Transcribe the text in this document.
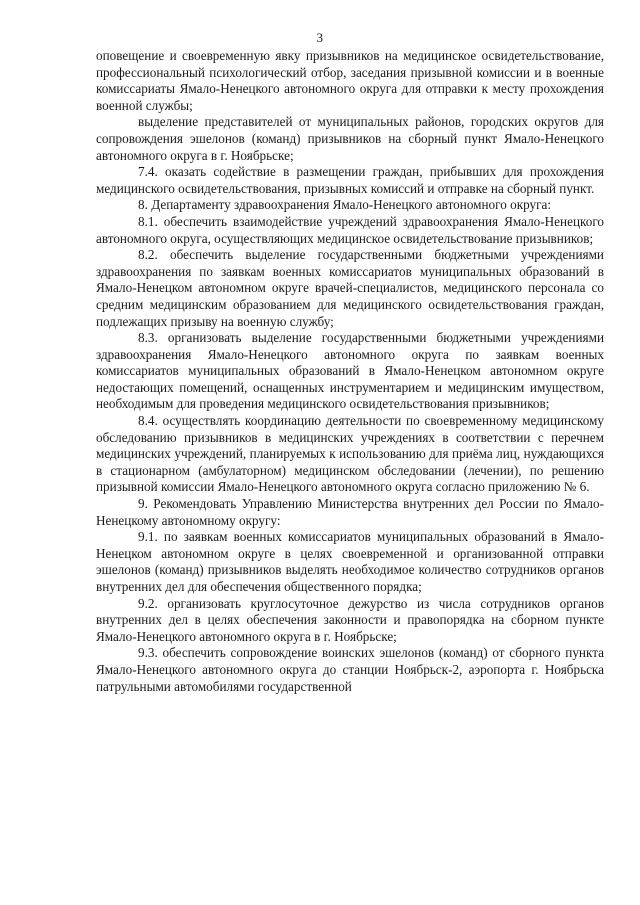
3

оповещение и своевременную явку призывников на медицинское освидетельствование, профессиональный психологический отбор, заседания призывной комиссии и в военные комиссариаты Ямало-Ненецкого автономного округа для отправки к месту прохождения военной службы;

выделение представителей от муниципальных районов, городских округов для сопровождения эшелонов (команд) призывников на сборный пункт Ямало-Ненецкого автономного округа в г. Ноябрьске;

7.4. оказать содействие в размещении граждан, прибывших для прохождения медицинского освидетельствования, призывных комиссий и отправке на сборный пункт.

8. Департаменту здравоохранения Ямало-Ненецкого автономного округа:

8.1. обеспечить взаимодействие учреждений здравоохранения Ямало-Ненецкого автономного округа, осуществляющих медицинское освидетельствование призывников;

8.2. обеспечить выделение государственными бюджетными учреждениями здравоохранения по заявкам военных комиссариатов муниципальных образований в Ямало-Ненецком автономном округе врачей-специалистов, медицинского персонала со средним медицинским образованием для медицинского освидетельствования граждан, подлежащих призыву на военную службу;

8.3. организовать выделение государственными бюджетными учреждениями здравоохранения Ямало-Ненецкого автономного округа по заявкам военных комиссариатов муниципальных образований в Ямало-Ненецком автономном округе недостающих помещений, оснащенных инструментарием и медицинским имуществом, необходимым для проведения медицинского освидетельствования призывников;

8.4. осуществлять координацию деятельности по своевременному медицинскому обследованию призывников в медицинских учреждениях в соответствии с перечнем медицинских учреждений, планируемых к использованию для приёма лиц, нуждающихся в стационарном (амбулаторном) медицинском обследовании (лечении), по решению призывной комиссии Ямало-Ненецкого автономного округа согласно приложению № 6.

9. Рекомендовать Управлению Министерства внутренних дел России по Ямало-Ненецкому автономному округу:

9.1. по заявкам военных комиссариатов муниципальных образований в Ямало-Ненецком автономном округе в целях своевременной и организованной отправки эшелонов (команд) призывников выделять необходимое количество сотрудников органов внутренних дел для обеспечения общественного порядка;

9.2. организовать круглосуточное дежурство из числа сотрудников органов внутренних дел в целях обеспечения законности и правопорядка на сборном пункте Ямало-Ненецкого автономного округа в г. Ноябрьске;

9.3. обеспечить сопровождение воинских эшелонов (команд) от сборного пункта Ямало-Ненецкого автономного округа до станции Ноябрьск-2, аэропорта г. Ноябрьска патрульными автомобилями государственной
